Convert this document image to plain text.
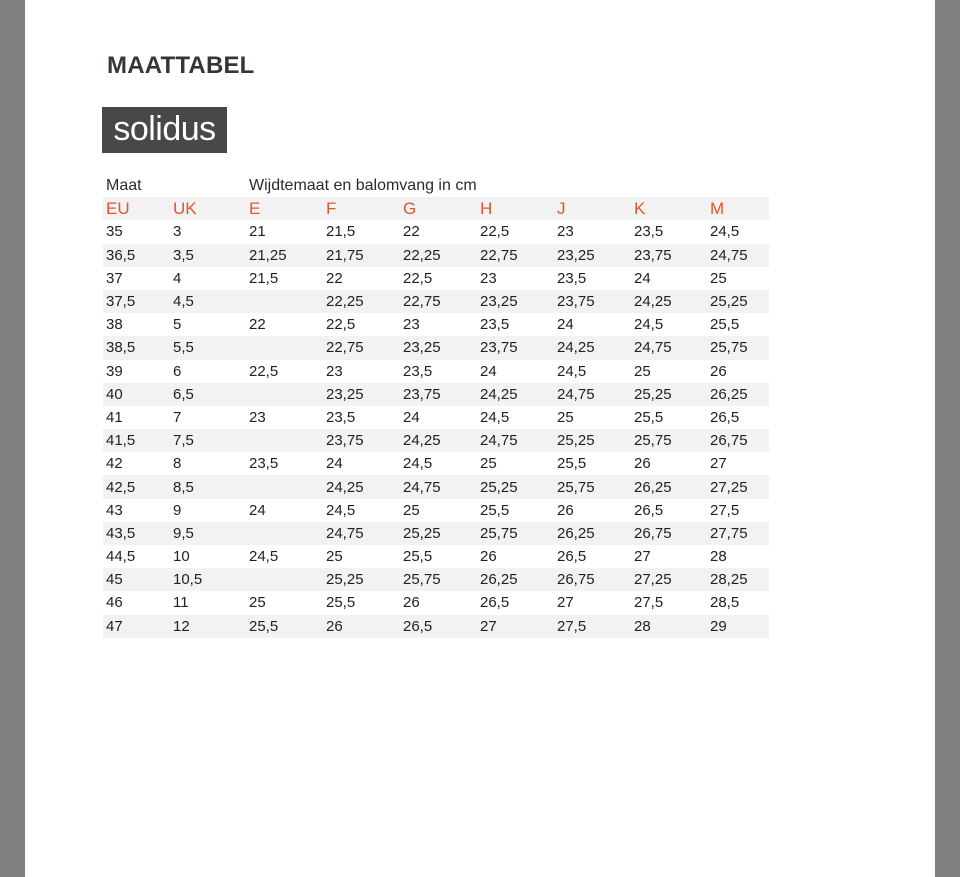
MAATTABEL
solidus
Maat		Wijdtemaat en balomvang in cm						
EU	UK	E	F	G	H	J	K	M
35	3	21	21,5	22	22,5	23	23,5	24,5
36,5	3,5	21,25	21,75	22,25	22,75	23,25	23,75	24,75
37	4	21,5	22	22,5	23	23,5	24	25
37,5	4,5		22,25	22,75	23,25	23,75	24,25	25,25
38	5	22	22,5	23	23,5	24	24,5	25,5
38,5	5,5		22,75	23,25	23,75	24,25	24,75	25,75
39	6	22,5	23	23,5	24	24,5	25	26
40	6,5		23,25	23,75	24,25	24,75	25,25	26,25
41	7	23	23,5	24	24,5	25	25,5	26,5
41,5	7,5		23,75	24,25	24,75	25,25	25,75	26,75
42	8	23,5	24	24,5	25	25,5	26	27
42,5	8,5		24,25	24,75	25,25	25,75	26,25	27,25
43	9	24	24,5	25	25,5	26	26,5	27,5
43,5	9,5		24,75	25,25	25,75	26,25	26,75	27,75
44,5	10	24,5	25	25,5	26	26,5	27	28
45	10,5		25,25	25,75	26,25	26,75	27,25	28,25
46	11	25	25,5	26	26,5	27	27,5	28,5
47	12	25,5	26	26,5	27	27,5	28	29
